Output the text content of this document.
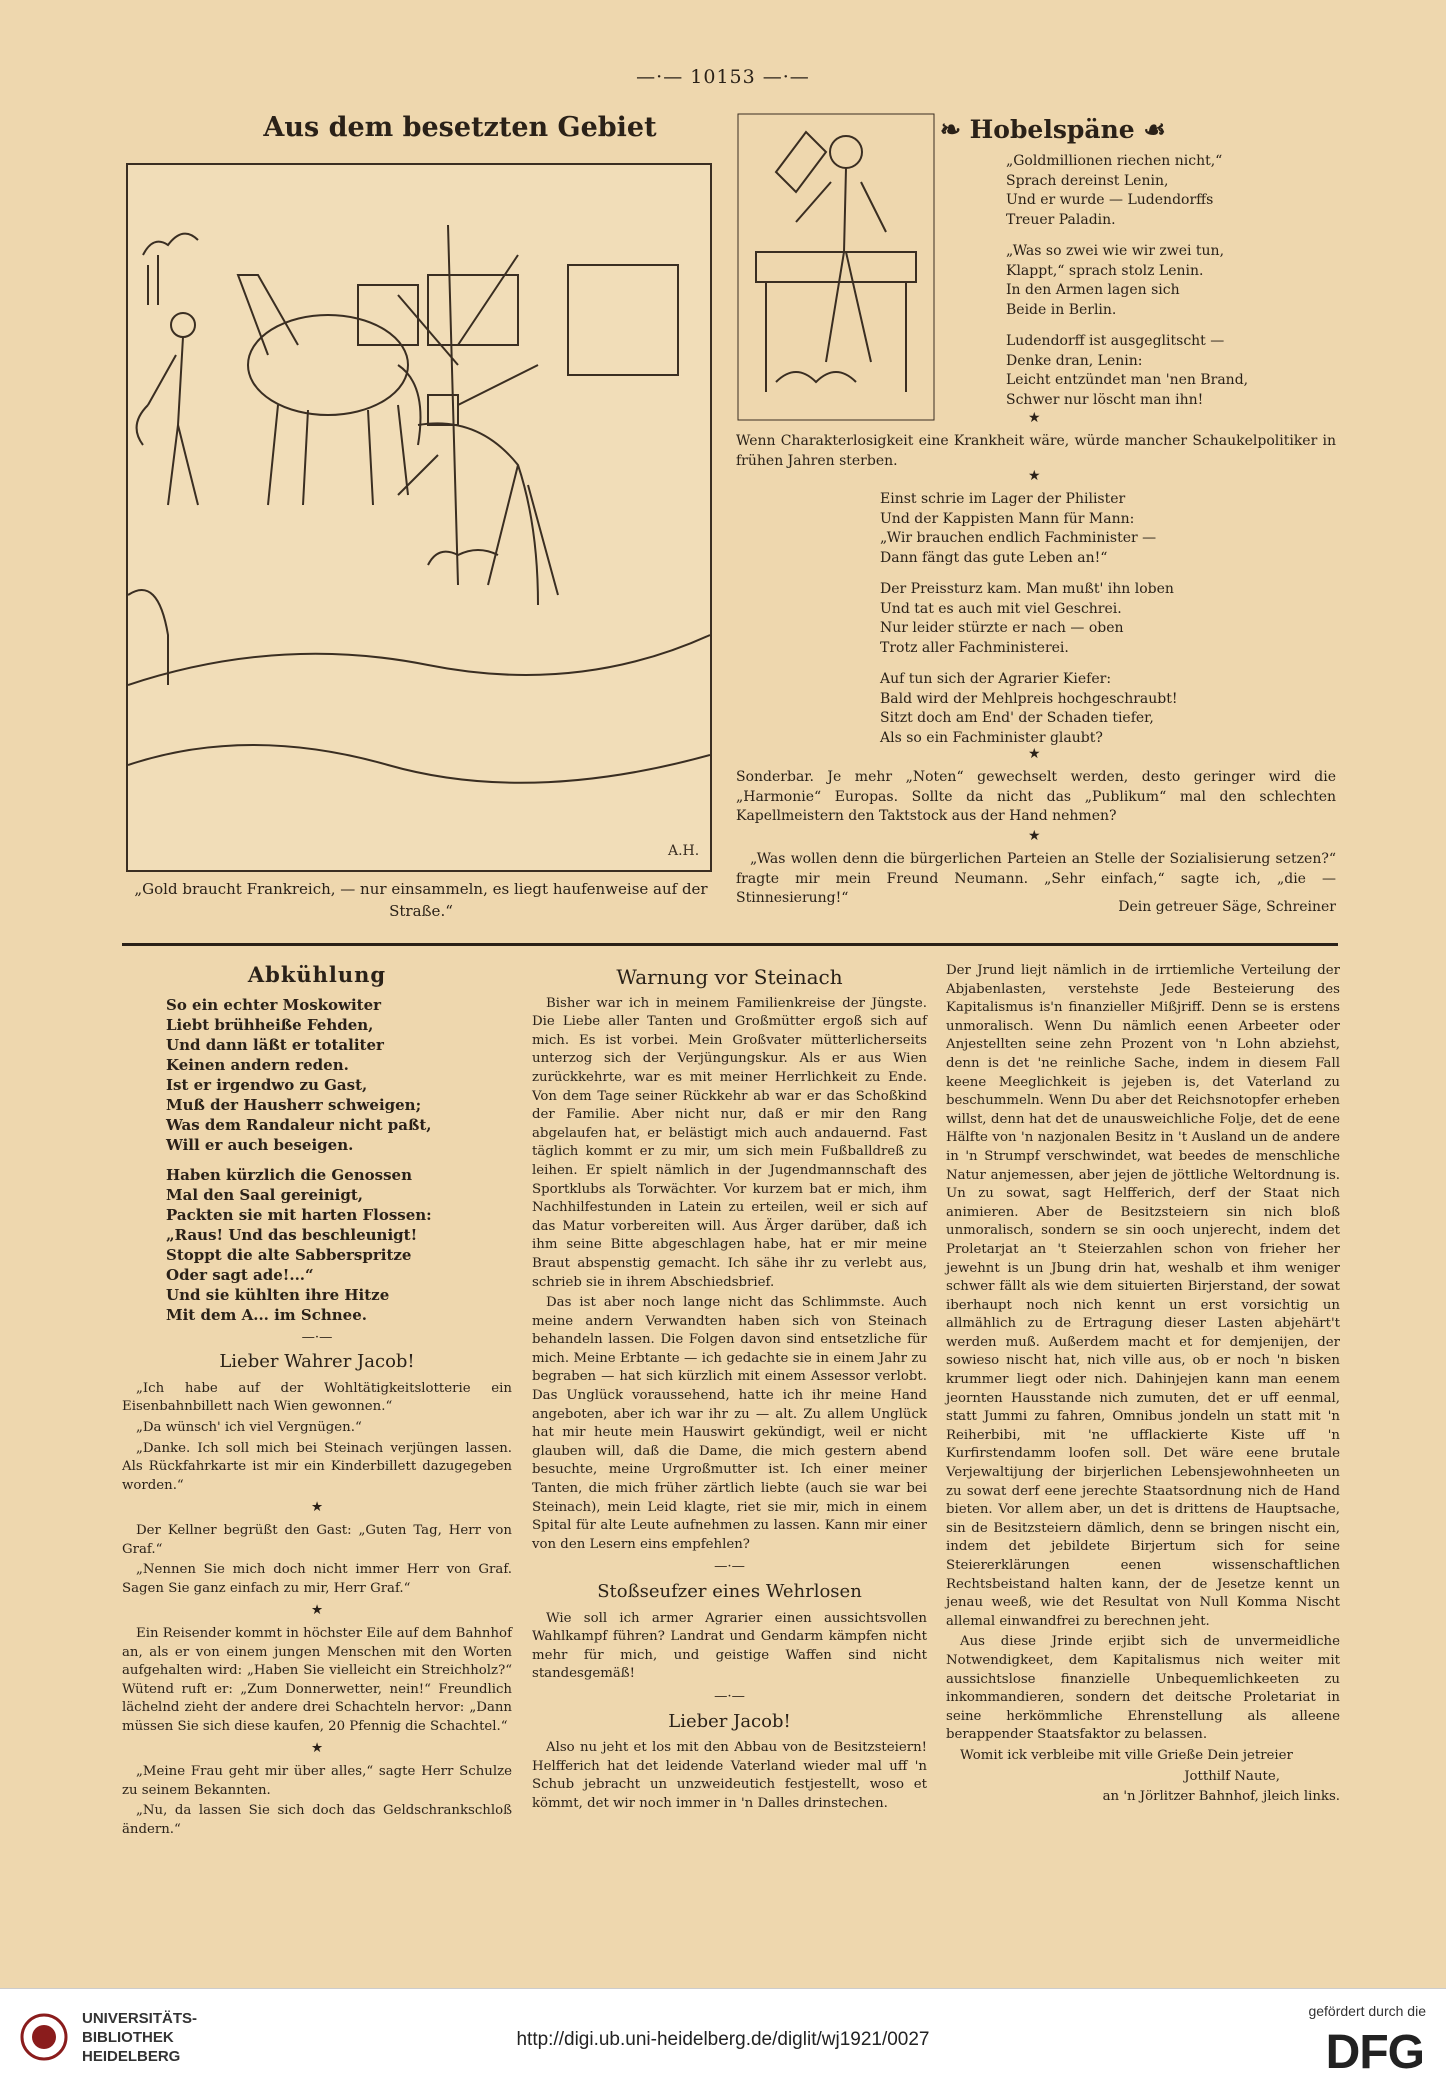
—·— 10153 —·—
Aus dem besetzten Gebiet
A.H.
„Gold braucht Frankreich, — nur einsammeln, es liegt haufenweise auf der Straße.“
❧ Hobelspäne ☙
„Goldmillionen riechen nicht,“
Sprach dereinst Lenin,
Und er wurde — Ludendorffs
Treuer Paladin.
„Was so zwei wie wir zwei tun,
Klappt,“ sprach stolz Lenin.
In den Armen lagen sich
Beide in Berlin.
Ludendorff ist ausgeglitscht —
Denke dran, Lenin:
Leicht entzündet man 'nen Brand,
Schwer nur löscht man ihn!
★
Wenn Charakterlosigkeit eine Krankheit wäre, würde mancher Schaukelpolitiker in frühen Jahren sterben.
★
Einst schrie im Lager der Philister
Und der Kappisten Mann für Mann:
„Wir brauchen endlich Fachminister —
Dann fängt das gute Leben an!“
Der Preissturz kam. Man mußt' ihn loben
Und tat es auch mit viel Geschrei.
Nur leider stürzte er nach — oben
Trotz aller Fachministerei.
Auf tun sich der Agrarier Kiefer:
Bald wird der Mehlpreis hochgeschraubt!
Sitzt doch am End' der Schaden tiefer,
Als so ein Fachminister glaubt?
★
Sonderbar. Je mehr „Noten“ gewechselt werden, desto geringer wird die „Harmonie“ Europas. Sollte da nicht das „Publikum“ mal den schlechten Kapellmeistern den Taktstock aus der Hand nehmen?
★
„Was wollen denn die bürgerlichen Parteien an Stelle der Sozialisierung setzen?“ fragte mir mein Freund Neumann. „Sehr einfach,“ sagte ich, „die — Stinnesierung!“
Dein getreuer Säge, Schreiner
Abkühlung
So ein echter Moskowiter
Liebt brühheiße Fehden,
Und dann läßt er totaliter
Keinen andern reden.
Ist er irgendwo zu Gast,
Muß der Hausherr schweigen;
Was dem Randaleur nicht paßt,
Will er auch beseigen.
Haben kürzlich die Genossen
Mal den Saal gereinigt,
Packten sie mit harten Flossen:
„Raus! Und das beschleunigt!
Stoppt die alte Sabberspritze
Oder sagt ade!...“
Und sie kühlten ihre Hitze
Mit dem A... im Schnee.
—·—
Lieber Wahrer Jacob!

„Ich habe auf der Wohltätigkeitslotterie ein Eisenbahnbillett nach Wien gewonnen.“

„Da wünsch' ich viel Vergnügen.“

„Danke. Ich soll mich bei Steinach verjüngen lassen. Als Rückfahrkarte ist mir ein Kinderbillett dazugegeben worden.“

★

Der Kellner begrüßt den Gast: „Guten Tag, Herr von Graf.“

„Nennen Sie mich doch nicht immer Herr von Graf. Sagen Sie ganz einfach zu mir, Herr Graf.“

★

Ein Reisender kommt in höchster Eile auf dem Bahnhof an, als er von einem jungen Menschen mit den Worten aufgehalten wird: „Haben Sie vielleicht ein Streichholz?“ Wütend ruft er: „Zum Donnerwetter, nein!“ Freundlich lächelnd zieht der andere drei Schachteln hervor: „Dann müssen Sie sich diese kaufen, 20 Pfennig die Schachtel.“

★

„Meine Frau geht mir über alles,“ sagte Herr Schulze zu seinem Bekannten.

„Nu, da lassen Sie sich doch das Geldschrankschloß ändern.“

Warnung vor Steinach

Bisher war ich in meinem Familienkreise der Jüngste. Die Liebe aller Tanten und Großmütter ergoß sich auf mich. Es ist vorbei. Mein Großvater mütterlicherseits unterzog sich der Verjüngungskur. Als er aus Wien zurückkehrte, war es mit meiner Herrlichkeit zu Ende. Von dem Tage seiner Rückkehr ab war er das Schoßkind der Familie. Aber nicht nur, daß er mir den Rang abgelaufen hat, er belästigt mich auch andauernd. Fast täglich kommt er zu mir, um sich mein Fußballdreß zu leihen. Er spielt nämlich in der Jugendmannschaft des Sportklubs als Torwächter. Vor kurzem bat er mich, ihm Nachhilfestunden in Latein zu erteilen, weil er sich auf das Matur vorbereiten will. Aus Ärger darüber, daß ich ihm seine Bitte abgeschlagen habe, hat er mir meine Braut abspenstig gemacht. Ich sähe ihr zu verlebt aus, schrieb sie in ihrem Abschiedsbrief.

Das ist aber noch lange nicht das Schlimmste. Auch meine andern Verwandten haben sich von Steinach behandeln lassen. Die Folgen davon sind entsetzliche für mich. Meine Erbtante — ich gedachte sie in einem Jahr zu begraben — hat sich kürzlich mit einem Assessor verlobt. Das Unglück voraussehend, hatte ich ihr meine Hand angeboten, aber ich war ihr zu — alt. Zu allem Unglück hat mir heute mein Hauswirt gekündigt, weil er nicht glauben will, daß die Dame, die mich gestern abend besuchte, meine Urgroßmutter ist. Ich einer meiner Tanten, die mich früher zärtlich liebte (auch sie war bei Steinach), mein Leid klagte, riet sie mir, mich in einem Spital für alte Leute aufnehmen zu lassen. Kann mir einer von den Lesern eins empfehlen?

—·—
Stoßseufzer eines Wehrlosen

Wie soll ich armer Agrarier einen aussichtsvollen Wahlkampf führen? Landrat und Gendarm kämpfen nicht mehr für mich, und geistige Waffen sind nicht standesgemäß!

—·—
Lieber Jacob!

Also nu jeht et los mit den Abbau von de Besitzsteiern! Helfferich hat det leidende Vaterland wieder mal uff 'n Schub jebracht un unzweideutich festjestellt, woso et kömmt, det wir noch immer in 'n Dalles drinstechen.

Der Jrund liejt nämlich in de irrtiemliche Verteilung der Abjabenlasten, verstehste Jede Besteierung des Kapitalismus is'n finanzieller Mißjriff. Denn se is erstens unmoralisch. Wenn Du nämlich eenen Arbeeter oder Anjestellten seine zehn Prozent von 'n Lohn abziehst, denn is det 'ne reinliche Sache, indem in diesem Fall keene Meeglichkeit is jejeben is, det Vaterland zu beschummeln. Wenn Du aber det Reichsnotopfer erheben willst, denn hat det de unausweichliche Folje, det de eene Hälfte von 'n nazjonalen Besitz in 't Ausland un de andere in 'n Strumpf verschwindet, wat beedes de menschliche Natur anjemessen, aber jejen de jöttliche Weltordnung is. Un zu sowat, sagt Helfferich, derf der Staat nich animieren. Aber de Besitzsteiern sin nich bloß unmoralisch, sondern se sin ooch unjerecht, indem det Proletarjat an 't Steierzahlen schon von frieher her jewehnt is un Jbung drin hat, weshalb et ihm weniger schwer fällt als wie dem situierten Birjerstand, der sowat iberhaupt noch nich kennt un erst vorsichtig un allmählich zu de Ertragung dieser Lasten abjehärt't werden muß. Außerdem macht et for demjenijen, der sowieso nischt hat, nich ville aus, ob er noch 'n bisken krummer liegt oder nich. Dahinjejen kann man eenem jeornten Hausstande nich zumuten, det er uff eenmal, statt Jummi zu fahren, Omnibus jondeln un statt mit 'n Reiherbibi, mit 'ne ufflackierte Kiste uff 'n Kurfirstendamm loofen soll. Det wäre eene brutale Verjewaltijung der birjerlichen Lebensjewohnheeten un zu sowat derf eene jerechte Staatsordnung nich de Hand bieten. Vor allem aber, un det is drittens de Hauptsache, sin de Besitzsteiern dämlich, denn se bringen nischt ein, indem det jebildete Birjertum sich for seine Steiererklärungen eenen wissenschaftlichen Rechtsbeistand halten kann, der de Jesetze kennt un jenau weeß, wie det Resultat von Null Komma Nischt allemal einwandfrei zu berechnen jeht.

Aus diese Jrinde erjibt sich de unvermeidliche Notwendigkeet, dem Kapitalismus nich weiter mit aussichtslose finanzielle Unbequemlichkeeten zu inkommandieren, sondern det deitsche Proletariat in seine herkömmliche Ehrenstellung als alleene berappender Staatsfaktor zu belassen.

Womit ick verbleibe mit ville Grieße Dein jetreier

Jotthilf Naute,

an 'n Jörlitzer Bahnhof, jleich links.

UNIVERSITÄTS-
BIBLIOTHEK
HEIDELBERG
http://digi.ub.uni-heidelberg.de/diglit/wj1921/0027
gefördert durch die
DFG
